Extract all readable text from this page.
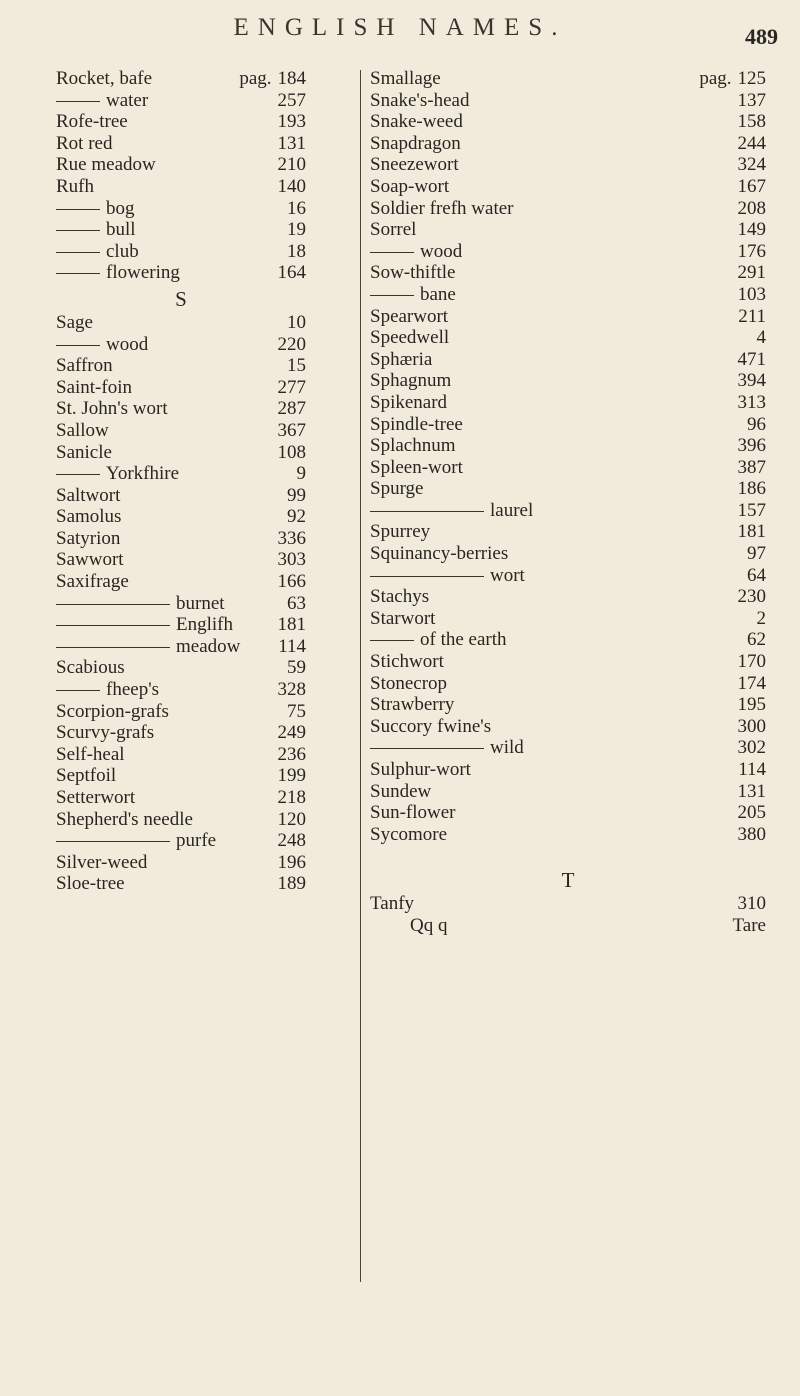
ENGLISH NAMES.	489
Rocket, bafe	pag. 184
water	257
Rofe-tree	193
Rot red	131
Rue meadow	210
Rufh	140
bog	16
bull	19
club	18
flowering	164
S
Sage	10
wood	220
Saffron	15
Saint-foin	277
St. John's wort	287
Sallow	367
Sanicle	108
Yorkfhire	9
Saltwort	99
Samolus	92
Satyrion	336
Sawwort	303
Saxifrage	166
burnet	63
Englifh 181
meadow 114
Scabious	59
fheep's	328
Scorpion-grafs	75
Scurvy-grafs	249
Self-heal	236
Septfoil	199
Setterwort	218
Shepherd's needle	120
purfe	248
Silver-weed	196
Sloe-tree	189
Smallage	pag. 125
Snake's-head	137
Snake-weed	158
Snapdragon	244
Sneezewort	324
Soap-wort	167
Soldier frefh water	208
Sorrel	149
wood	176
Sow-thiftle	291
bane	103
Spearwort	211
Speedwell	4
Sphæria	471
Sphagnum	394
Spikenard	313
Spindle-tree	96
Splachnum	396
Spleen-wort	387
Spurge	186
laurel	157
Spurrey	181
Squinancy-berries	97
wort	64
Stachys	230
Starwort	2
of the earth	62
Stichwort	170
Stonecrop	174
Strawberry	195
Succory fwine's	300
wild	302
Sulphur-wort	114
Sundew	131
Sun-flower	205
Sycomore	380
T
Tanfy	310
Qq q	Tare
